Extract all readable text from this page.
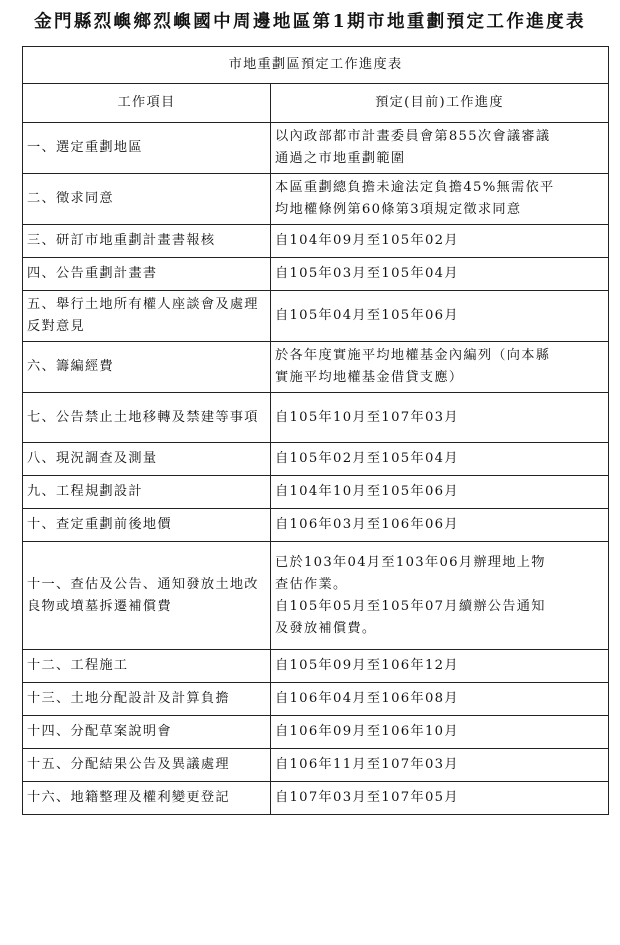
金門縣烈嶼鄉烈嶼國中周邊地區第1期市地重劃預定工作進度表
市地重劃區預定工作進度表	
工作項目	預定(目前)工作進度
一、選定重劃地區	以內政部都市計畫委員會第855次會議審議
通過之市地重劃範圍

二、徵求同意	本區重劃總負擔未逾法定負擔45%無需依平
均地權條例第60條第3項規定徵求同意

三、研訂市地重劃計畫書報核	自104年09月至105年02月

四、公告重劃計畫書	自105年03月至105年04月

五、舉行土地所有權人座談會及處理反對意見	自105年04月至105年06月

六、籌編經費	於各年度實施平均地權基金內編列（向本縣
實施平均地權基金借貸支應）

七、公告禁止土地移轉及禁建等事項	自105年10月至107年03月

八、現況調查及測量	自105年02月至105年04月

九、工程規劃設計	自104年10月至105年06月

十、查定重劃前後地價	自106年03月至106年06月

十一、查估及公告、通知發放土地改良物或墳墓拆遷補償費	已於103年04月至103年06月辦理地上物
查估作業。
自105年05月至105年07月續辦公告通知
及發放補償費。

十二、工程施工	自105年09月至106年12月

十三、土地分配設計及計算負擔	自106年04月至106年08月

十四、分配草案說明會	自106年09月至106年10月

十五、分配結果公告及異議處理	自106年11月至107年03月

十六、地籍整理及權利變更登記	自107年03月至107年05月
